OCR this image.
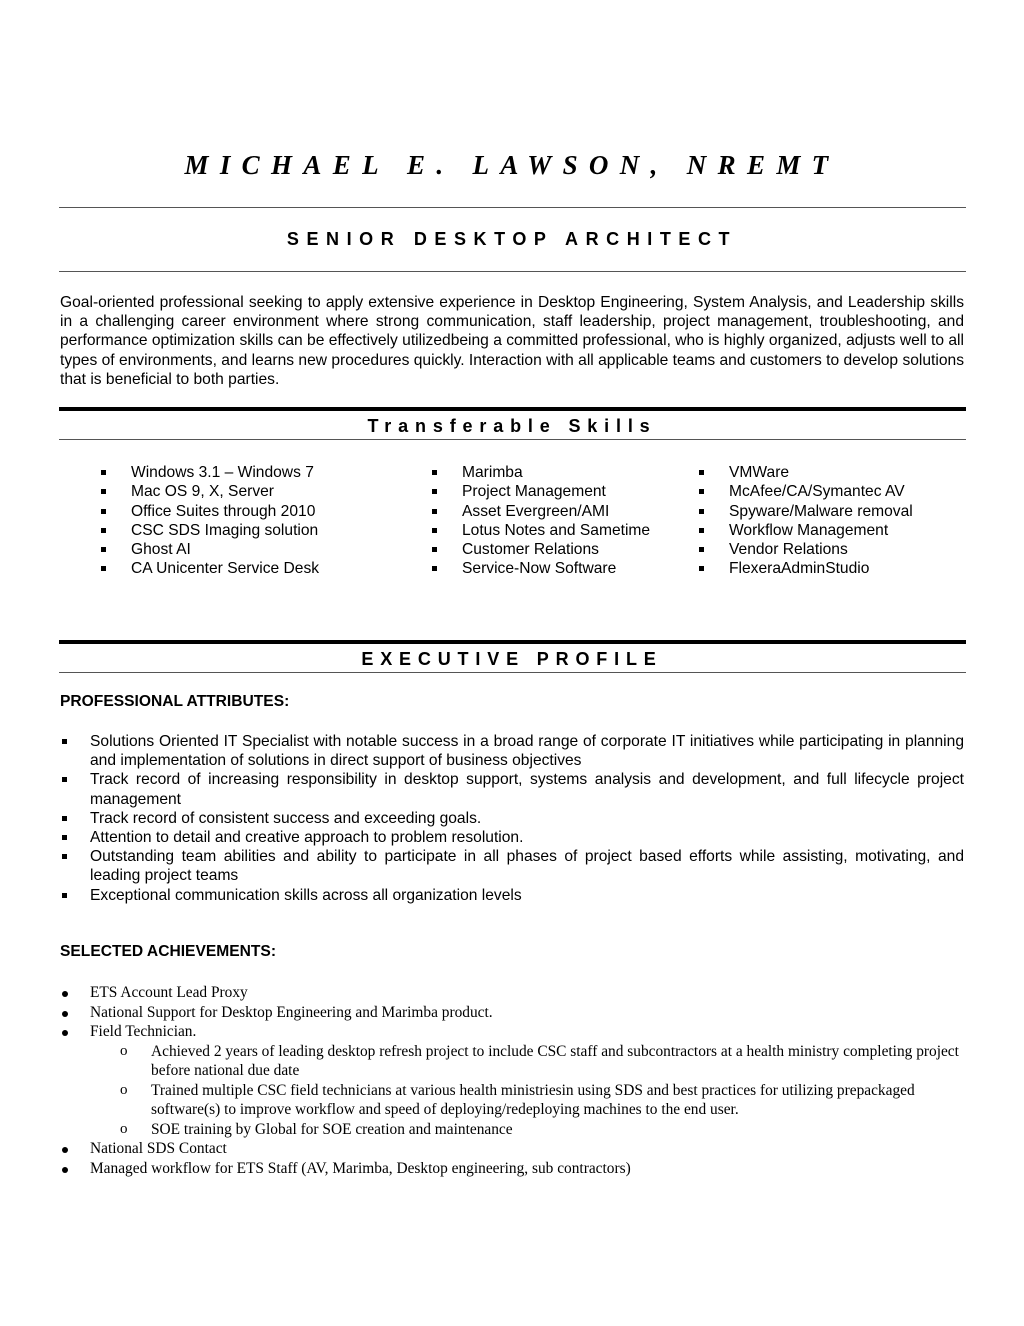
MICHAEL E. LAWSON, NREMT
SENIOR DESKTOP ARCHITECT
Goal-oriented professional seeking to apply extensive experience in Desktop Engineering, System Analysis, and Leadership skills in a challenging career environment where strong communication, staff leadership, project management, troubleshooting, and performance optimization skills can be effectively utilizedbeing a committed professional, who is highly organized, adjusts well to all types of environments, and learns new procedures quickly. Interaction with all applicable teams and customers to develop solutions that is beneficial to both parties.
Transferable Skills
Windows 3.1 – Windows 7
Mac OS 9, X, Server
Office Suites through 2010
CSC SDS Imaging solution
Ghost AI
CA Unicenter Service Desk
Marimba
Project Management
Asset Evergreen/AMI
Lotus Notes and Sametime
Customer Relations
Service-Now Software
VMWare
McAfee/CA/Symantec AV
Spyware/Malware removal
Workflow Management
Vendor Relations
FlexeraAdminStudio
EXECUTIVE PROFILE
PROFESSIONAL ATTRIBUTES:
Solutions Oriented IT Specialist with notable success in a broad range of corporate IT initiatives while participating in planning and implementation of solutions in direct support of business objectives
Track record of increasing responsibility in desktop support, systems analysis and development, and full lifecycle project management
Track record of consistent success and exceeding goals.
Attention to detail and creative approach to problem resolution.
Outstanding team abilities and ability to participate in all phases of project based efforts while assisting, motivating, and leading project teams
Exceptional communication skills across all organization levels
SELECTED ACHIEVEMENTS:
ETS Account Lead Proxy
National Support for Desktop Engineering and Marimba product.
Field Technician.
o Achieved 2 years of leading desktop refresh project to include CSC staff and subcontractors at a health ministry completing project before national due date
o Trained multiple CSC field technicians at various health ministriesin using SDS and best practices for utilizing prepackaged software(s) to improve workflow and speed of deploying/redeploying machines to the end user.
o SOE training by Global for SOE creation and maintenance
National SDS Contact
Managed workflow for ETS Staff (AV, Marimba, Desktop engineering, sub contractors)
